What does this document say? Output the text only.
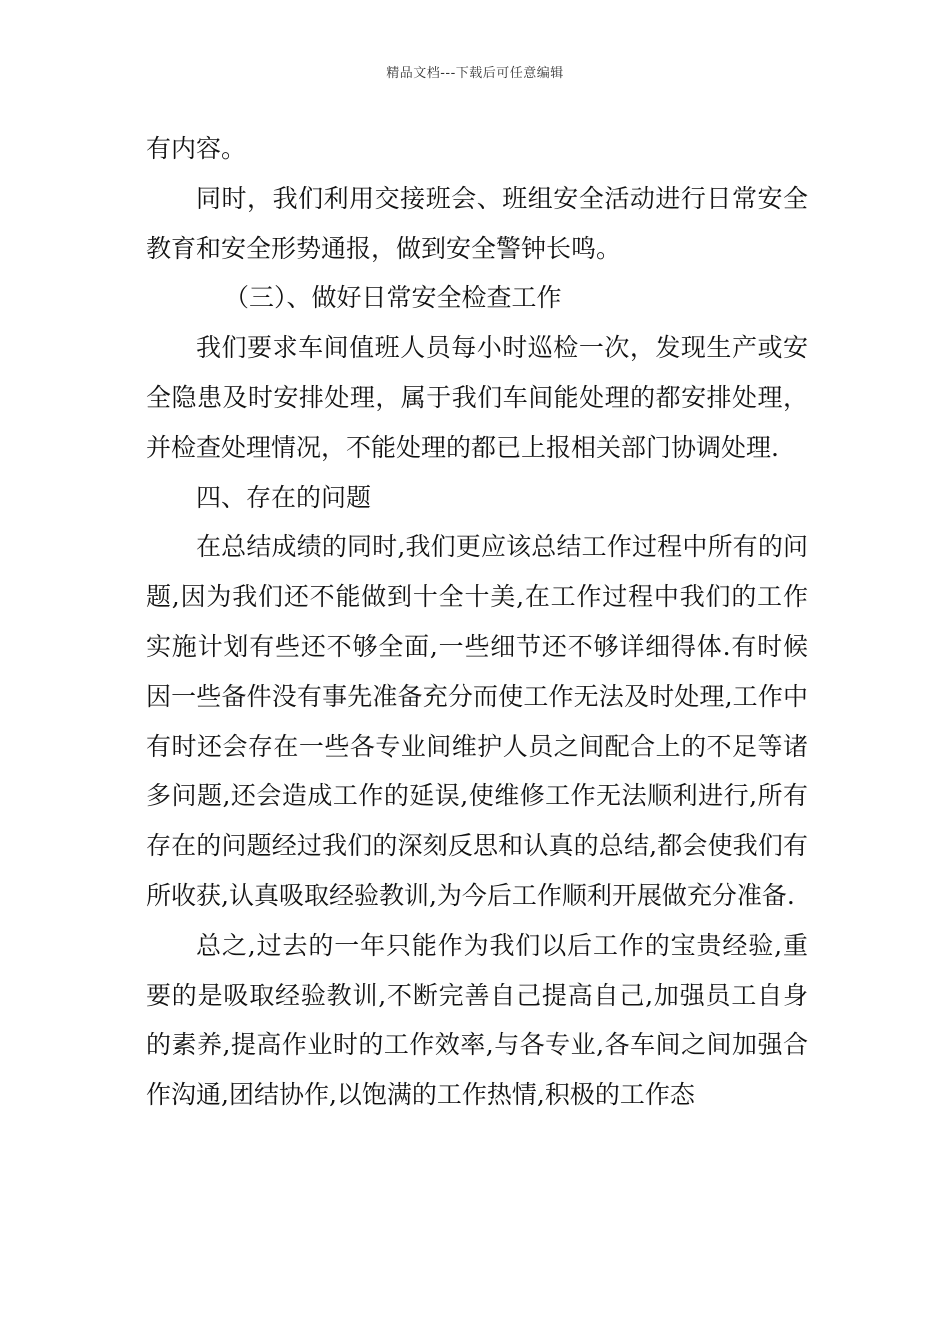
精品文档---下载后可任意编辑

有内容。

同时，我们利用交接班会、班组安全活动进行日常安全教育和安全形势通报，做到安全警钟长鸣。

（三）、做好日常安全检查工作

我们要求车间值班人员每小时巡检一次，发现生产或安全隐患及时安排处理，属于我们车间能处理的都安排处理，并检查处理情况，不能处理的都已上报相关部门协调处理.

四、存在的问题

在总结成绩的同时,我们更应该总结工作过程中所有的问题,因为我们还不能做到十全十美,在工作过程中我们的工作实施计划有些还不够全面,一些细节还不够详细得体.有时候因一些备件没有事先准备充分而使工作无法及时处理,工作中有时还会存在一些各专业间维护人员之间配合上的不足等诸多问题,还会造成工作的延误,使维修工作无法顺利进行,所有存在的问题经过我们的深刻反思和认真的总结,都会使我们有所收获,认真吸取经验教训,为今后工作顺利开展做充分准备.

总之,过去的一年只能作为我们以后工作的宝贵经验,重要的是吸取经验教训,不断完善自己提高自己,加强员工自身的素养,提高作业时的工作效率,与各专业,各车间之间加强合作沟通,团结协作,以饱满的工作热情,积极的工作态
